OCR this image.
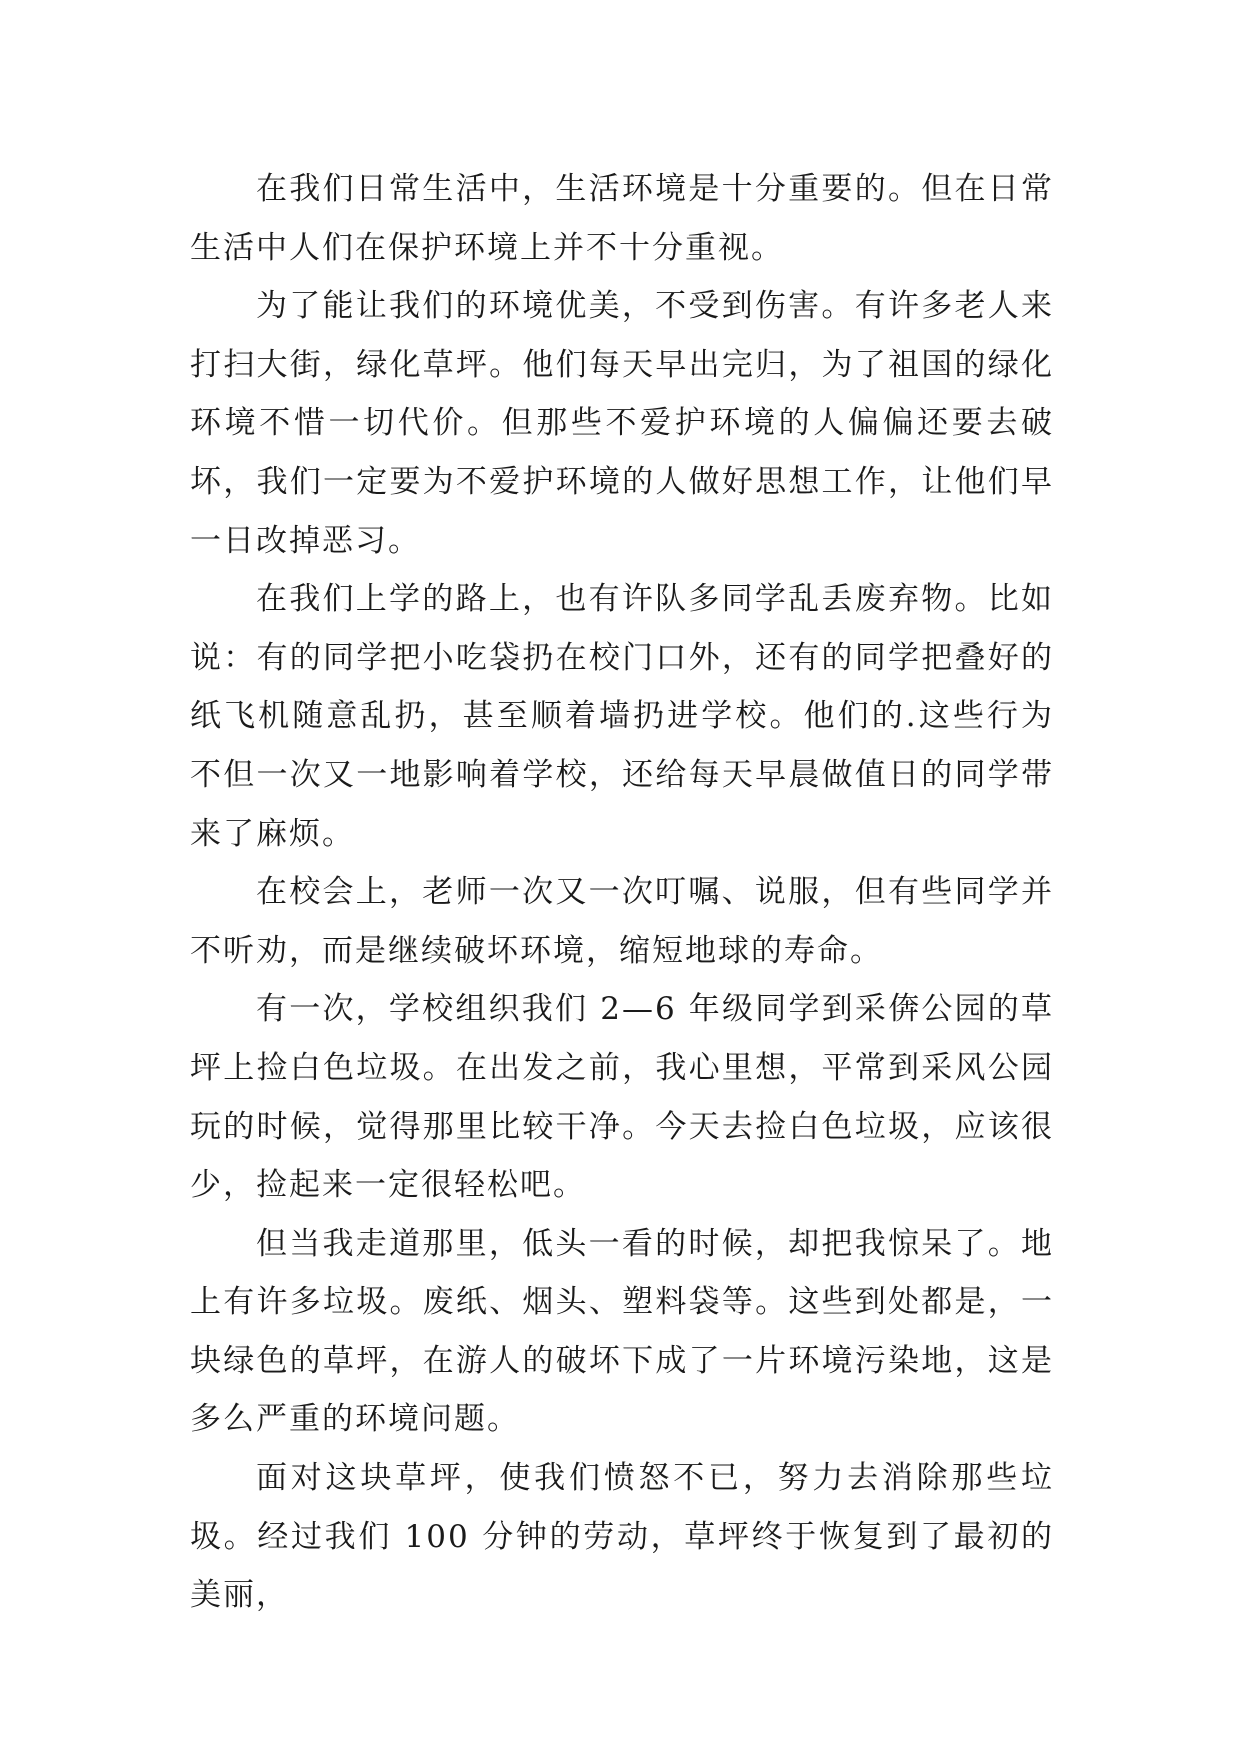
在我们日常生活中，生活环境是十分重要的。但在日常生活中人们在保护环境上并不十分重视。

为了能让我们的环境优美，不受到伤害。有许多老人来打扫大街，绿化草坪。他们每天早出完归，为了祖国的绿化环境不惜一切代价。但那些不爱护环境的人偏偏还要去破坏，我们一定要为不爱护环境的人做好思想工作，让他们早一日改掉恶习。

在我们上学的路上，也有许队多同学乱丢废弃物。比如说：有的同学把小吃袋扔在校门口外，还有的同学把叠好的纸飞机随意乱扔，甚至顺着墙扔进学校。他们的.这些行为不但一次又一地影响着学校，还给每天早晨做值日的同学带来了麻烦。

在校会上，老师一次又一次叮嘱、说服，但有些同学并不听劝，而是继续破坏环境，缩短地球的寿命。

有一次，学校组织我们 2—6 年级同学到采倴公园的草坪上捡白色垃圾。在出发之前，我心里想，平常到采风公园玩的时候，觉得那里比较干净。今天去捡白色垃圾，应该很少，捡起来一定很轻松吧。

但当我走道那里，低头一看的时候，却把我惊呆了。地上有许多垃圾。废纸、烟头、塑料袋等。这些到处都是，一块绿色的草坪，在游人的破坏下成了一片环境污染地，这是多么严重的环境问题。

面对这块草坪，使我们愤怒不已，努力去消除那些垃圾。经过我们 100 分钟的劳动，草坪终于恢复到了最初的美丽，
